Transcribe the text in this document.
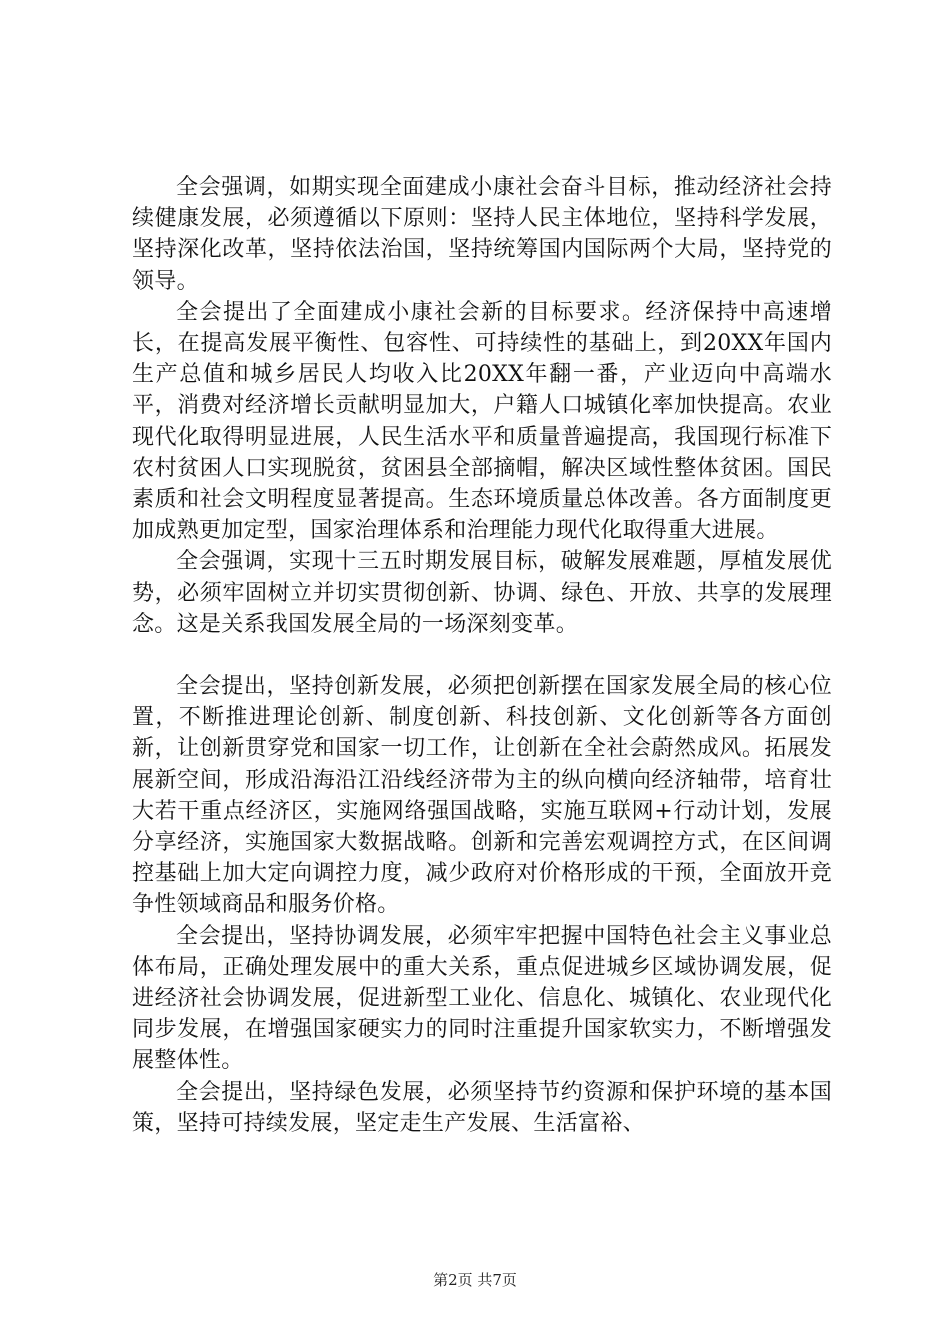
全会强调，如期实现全面建成小康社会奋斗目标，推动经济社会持续健康发展，必须遵循以下原则：坚持人民主体地位，坚持科学发展，坚持深化改革，坚持依法治国，坚持统筹国内国际两个大局，坚持党的领导。

全会提出了全面建成小康社会新的目标要求。经济保持中高速增长，在提高发展平衡性、包容性、可持续性的基础上，到20XX年国内生产总值和城乡居民人均收入比20XX年翻一番，产业迈向中高端水平，消费对经济增长贡献明显加大，户籍人口城镇化率加快提高。农业现代化取得明显进展，人民生活水平和质量普遍提高，我国现行标准下农村贫困人口实现脱贫，贫困县全部摘帽，解决区域性整体贫困。国民素质和社会文明程度显著提高。生态环境质量总体改善。各方面制度更加成熟更加定型，国家治理体系和治理能力现代化取得重大进展。

全会强调，实现十三五时期发展目标，破解发展难题，厚植发展优势，必须牢固树立并切实贯彻创新、协调、绿色、开放、共享的发展理念。这是关系我国发展全局的一场深刻变革。

全会提出，坚持创新发展，必须把创新摆在国家发展全局的核心位置，不断推进理论创新、制度创新、科技创新、文化创新等各方面创新，让创新贯穿党和国家一切工作，让创新在全社会蔚然成风。拓展发展新空间，形成沿海沿江沿线经济带为主的纵向横向经济轴带，培育壮大若干重点经济区，实施网络强国战略，实施互联网+行动计划，发展分享经济，实施国家大数据战略。创新和完善宏观调控方式，在区间调控基础上加大定向调控力度，减少政府对价格形成的干预，全面放开竞争性领域商品和服务价格。

全会提出，坚持协调发展，必须牢牢把握中国特色社会主义事业总体布局，正确处理发展中的重大关系，重点促进城乡区域协调发展，促进经济社会协调发展，促进新型工业化、信息化、城镇化、农业现代化同步发展，在增强国家硬实力的同时注重提升国家软实力，不断增强发展整体性。

全会提出，坚持绿色发展，必须坚持节约资源和保护环境的基本国策，坚持可持续发展，坚定走生产发展、生活富裕、

第2页 共7页
